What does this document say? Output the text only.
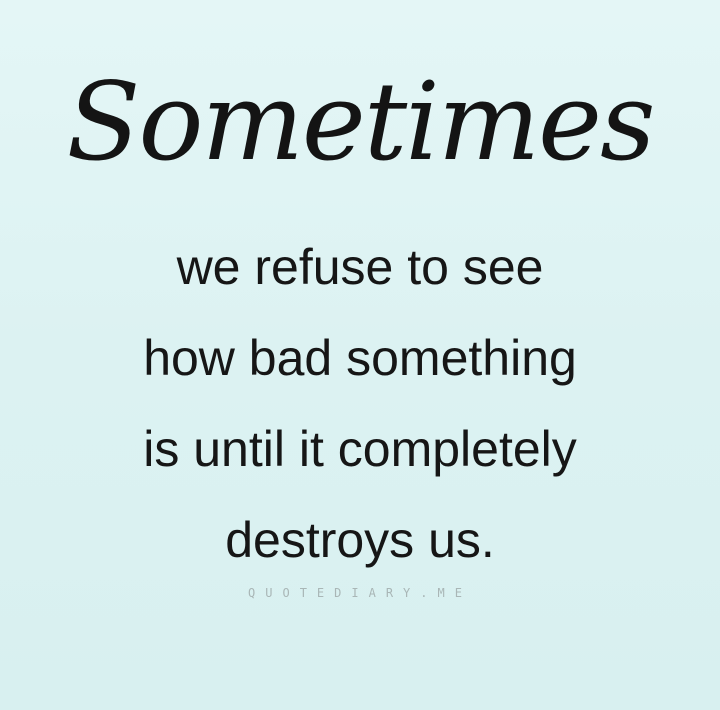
Sometimes
we refuse to see
how bad something
is until it completely
destroys us.
QUOTEDIARY.ME
